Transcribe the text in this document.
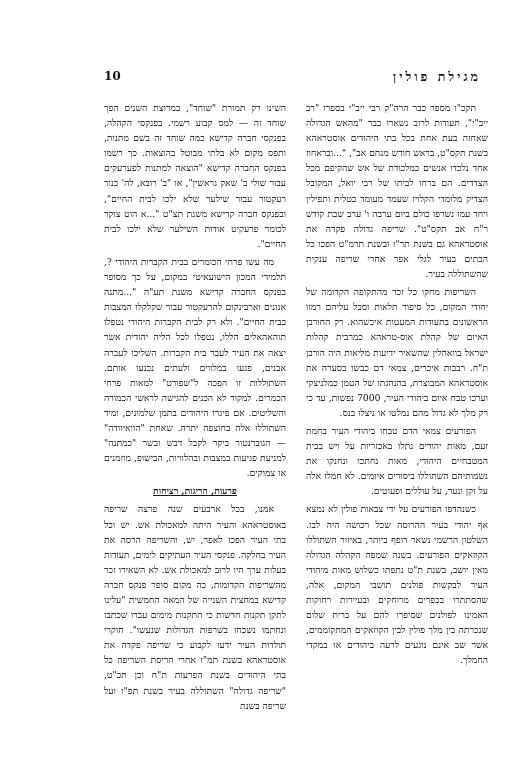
מגילת פולין
10

תקכ"ו מספר כבר הרה"ק רבי ייב"י בספרו "רב ייב"י", תעודות לרוב נשארו כבר "מהאש הגדולה שאחזה בעת אחת בכל בתי היהודים אוסטראהא בשנת תקס"ט, בראש חודש מנחם אב", "...ובראחוז אחד נלכדו אנשים כמלכודת של אש שהקיפם מכל הצדדים. הם ברחו לביתו של רבי יואל, המקובל הצדיק מלומדי הקלויז שעמד מעומד בטלית ותפילין ויחד עמו נשרפו כולם ביום ערבה ו' ערב שבת קודש ר"ח אב תקס"ט". שריפה גדולה פקדה את אוסטראהא גם בשנת תר"ז ובשנת תרמ"ט הפכו כל הבתים בעיר לגלי אפר אחרי שריפה ענקית שהשתוללה בעיר.

השריפות מחקו כל זכר מהתקופה הקדומה של יהודי המקום, כל סיפור תלאות וסבל עליהם רמזו הראשונים בתעודות המעטות איכשהוא. רק החורבן האיום של קהלת אוס-טראהא כמרבית קהלות ישראל בוואהלין שהשאיר ידיעות מליאות היה הורבן ת"ח. רבבות איכרים, צמאי דם כבשו בסערה את אוסטראהא המבוצרת, בהנהגתו של הטמן כמלניצקי וערכו טבח איום ביהודי העיר, 7000 נפשות, עד כי רק מלך לא גדול מהם נמלטו או ניצלו בנס.

הפורעים צמאי הדם טבחו ביהודי העיר בחמת זעם, מאות יהודים נתלו באכזריות על ויש בבית המטבחיים היהודי, מאות נחתכו ונחנקו את נשמותיהם השתוללו ביסורים איומים. לא חמלו אלה על זקן ונער, על עוללים ופעוטים.

כשנהדפו הפורעים על ידי צבאות פולין לא נמצא אף יהודי בעיר ההרוסה שכל רכושה היה לבז. השלטון הרשמי נשאר רופף ביותר, באיזור השתוללו הקוזאקים הפורעים. בשנה שמפה הקהלה הגדולה מאין יושב, בשנת ת"ט נתפתו כשלוש מאות מיהודי העיר לבקשות פולנים תושבי המקום, אלה, שהסתתרו בכפרים מרוחקים ובעיירות רחוקות האמינו לפולנים שסיפרו להם על ברית שלום שנכרתה בין מלך פולין לבין הקוזאקים המתקוממים, אשר שב אינם נוגעים לרעה ביהודים או במקדי החמלך.

השינו רק תמורת "שוחד", במרוצת השנים הפך שוחד זה — למס קבוע רשמי. בפנקסי הקהלה, בפנקסי חברה קדישא כמה שוחד זה בשם מתנות, ותפס מקום לא בלתי מבוטל בהוצאות. כך רשמו בפנקס החברה קדישא "הוצאה למתנות לפערעקים עבור שולי ב' שאק גראשין", או "ב' רובא, לה' כנור רעקטור עבור שילער שלא ילכו לבית החיים", ובפנקס חברה קדישא משנת תצ"ט "...א הוט צוקר לכומר פרעקיט אודות השילער שלא ילכו לבית החיים".

מה עשו פרחי הכומרים בבית הקברות היהודי ?, תלמידי המכון הישועאיטי במקום, על כך מסופר בפנקס החברה קדישא משנת תע"ה "...מתנה אנונים וארבינקום להרעקטור עבור שקלקלו המצבות בבית החיים". ולא רק לבית הקברות היהודי נטפלו תוהאהאלים הללו, נטפלו לכל הליה יהודית אשר יצאה את העיר לעבר בית הקברות. השליכו לעברה אבנים, פגעו במלווים ולעתים נכנעו אותם. השתוללות זו הפכה ל"שפורט" למאות פרחי הכמרים. למקור לא הכנים להגישה לראשי הכמורה והשליטים. אם פיגרו היהודים בתמן שלמונים, ומיד השתוללו אלה בחוצפה יתרה. שאחת "הוואיוודה" — הגוברנטור ביקר לקבל דבש ובשר "כמתנה" למניעת פגיעות במצבות ובהלוויות, הבישופ, מוזמנים או צמוקים.

פרעות, הריגות, רציחות

אמנו, בכל ארבעים שנה פרצה שריפה באוסטראהא והעיר היתה למאכולת אש. יש וכל בתי העיר הפכו לאפר, יש, והשריפה הרסה את העיר בחלקה. פנקסי העיר העתיקים לימים, תעודות בעלות ערך היו לרוב למאכולת אש. לא השאירו זכר מהשריפות הקדומות, כה מקום סופר פנקס חברה קדישא במחצית השנייה של המאה החמשית "עלינו לתקן תקנות חדשות כי התקנות מימים עברו שכתבו ונחתמו נשכחו בשרפות הגדולות שנעשו". חוקרי תולדות העיר ידעו לקבוע כי שריפה פקדה את אוסטראהא בשנת תמ"ז אחרי הריסת השריפה כל בתי היהודים בשנת הפרעות ת"ח וכן תכ"ט, "שריפה גדולה" השתוללה בעיר בשנת תפ"ו ועל שריפה בשנת
